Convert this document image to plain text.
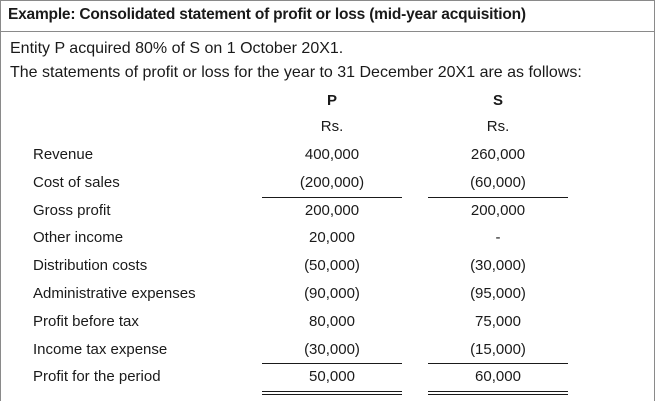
Example: Consolidated statement of profit or loss (mid-year acquisition)
Entity P acquired 80% of S on 1 October 20X1.
The statements of profit or loss for the year to 31 December 20X1 are as follows:
P	S
Rs.	Rs.
Revenue	400,000	260,000
Cost of sales	(200,000)	(60,000)
Gross profit	200,000	200,000
Other income	20,000	-
Distribution costs	(50,000)	(30,000)
Administrative expenses	(90,000)	(95,000)
Profit before tax	80,000	75,000
Income tax expense	(30,000)	(15,000)
Profit for the period	50,000	60,000
